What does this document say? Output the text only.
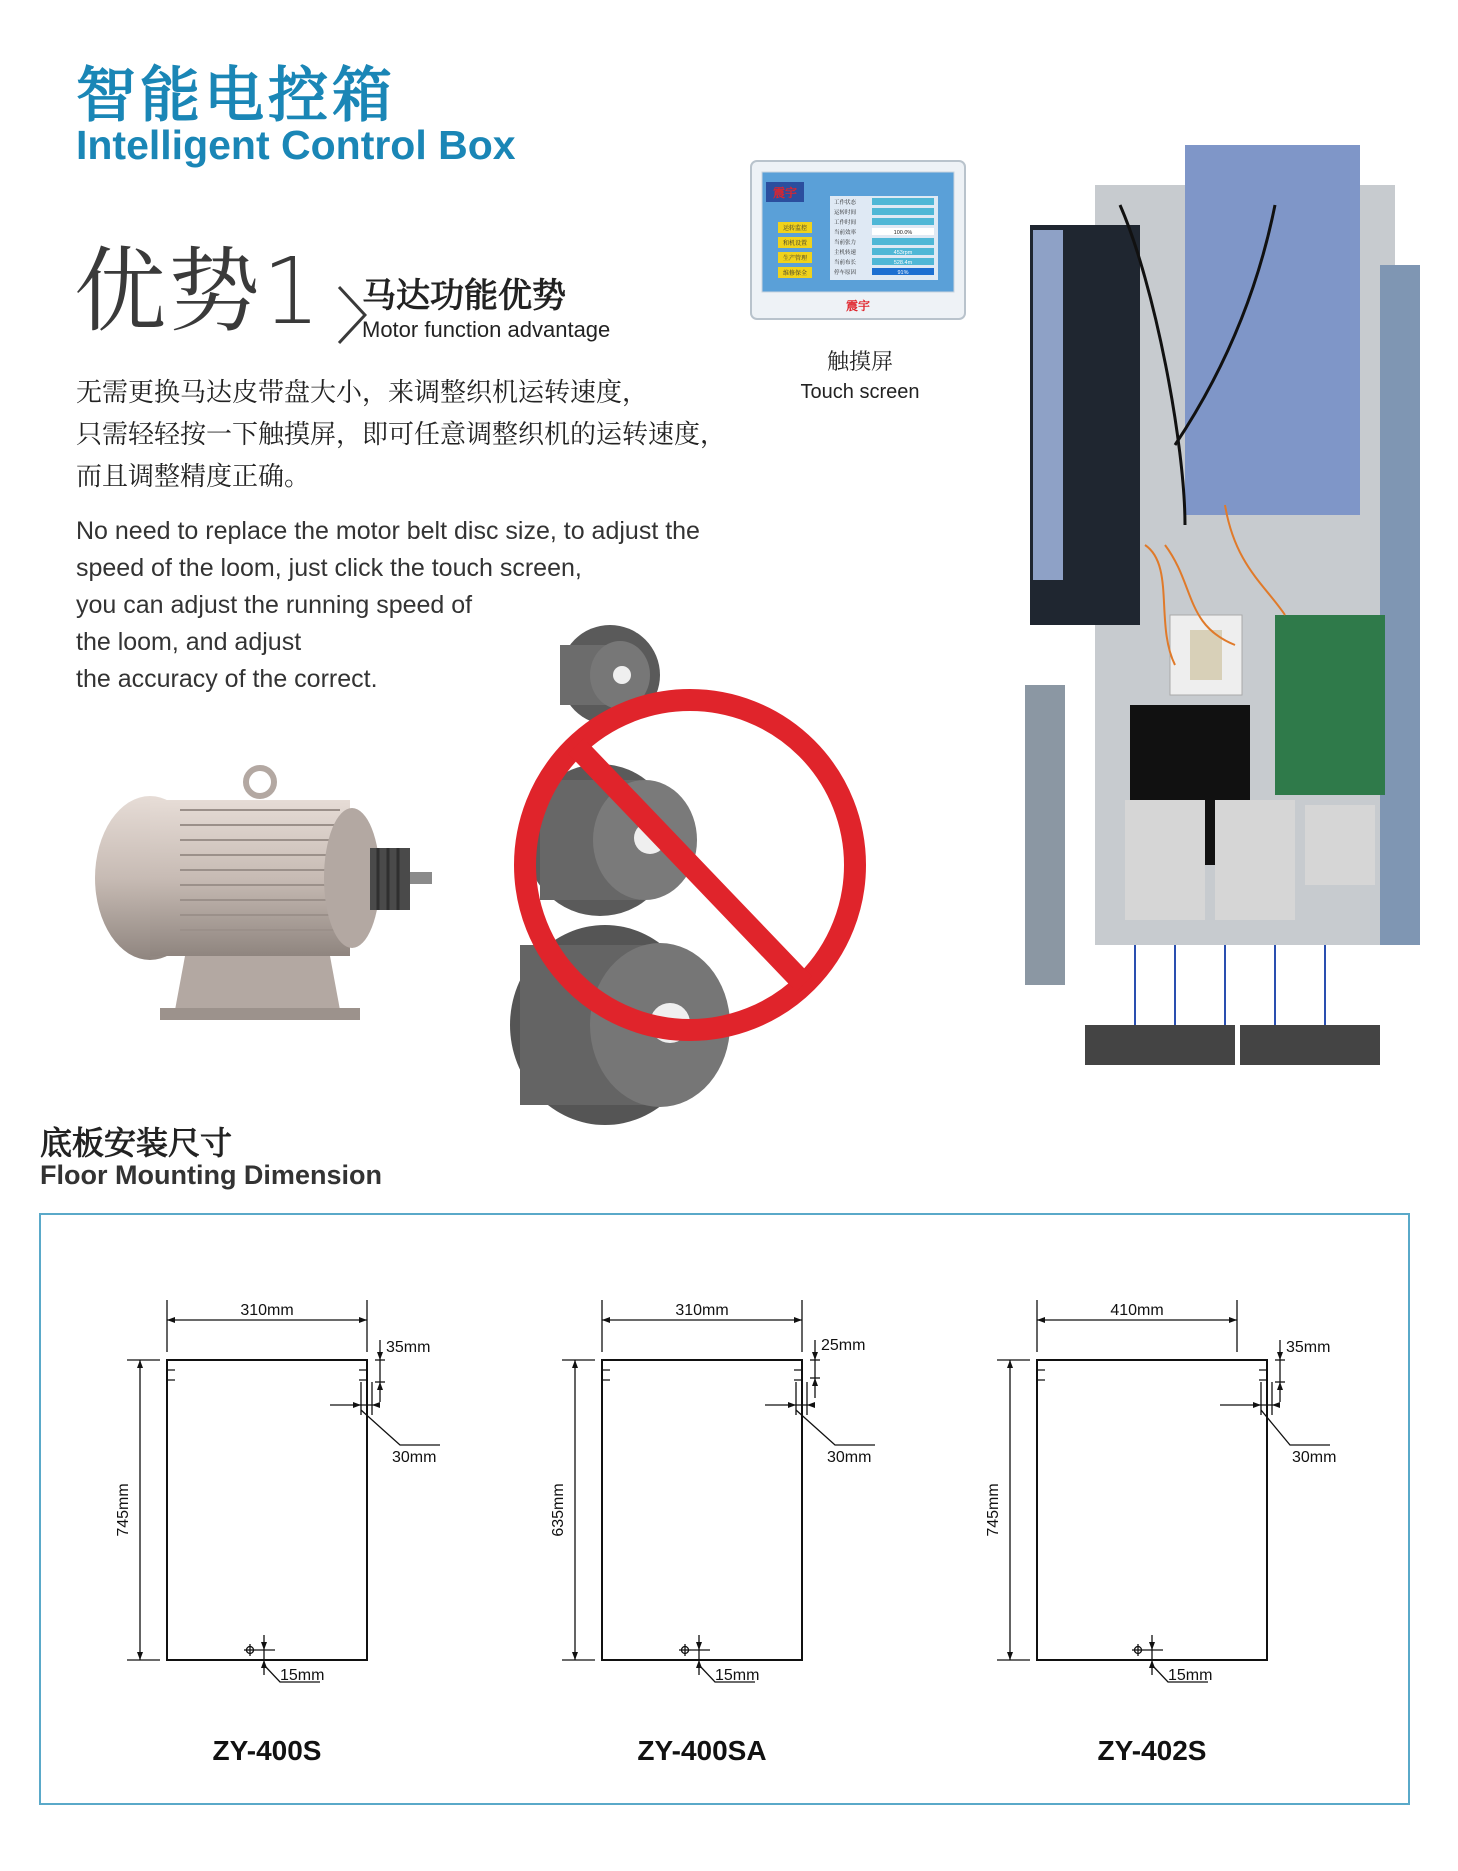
智能电控箱
Intelligent Control Box
优势1	马达功能优势
Motor function advantage
无需更换马达皮带盘大小，来调整织机运转速度，
只需轻轻按一下触摸屏，即可任意调整织机的运转速度，
而且调整精度正确。
No need to replace the motor belt disc size, to adjust the
speed of the loom, just click the touch screen,
you can adjust the running speed of
the loom, and adjust
the accuracy of the correct.
震宇
运转监控
和机设置
生产管理
维修保全
工作状态
运转时间
工作时间
当前效率
当前张力
主机转速
当前布长
停车原因
100.0%
453rpm
528.4m
91%
震宇
触摸屏
Touch screen
底板安装尺寸
Floor Mounting Dimension
310mm
35mm
30mm
15mm
745mm
ZY-400S
310mm
25mm
30mm
15mm
635mm
ZY-400SA
410mm
35mm
30mm
15mm
745mm
ZY-402S
